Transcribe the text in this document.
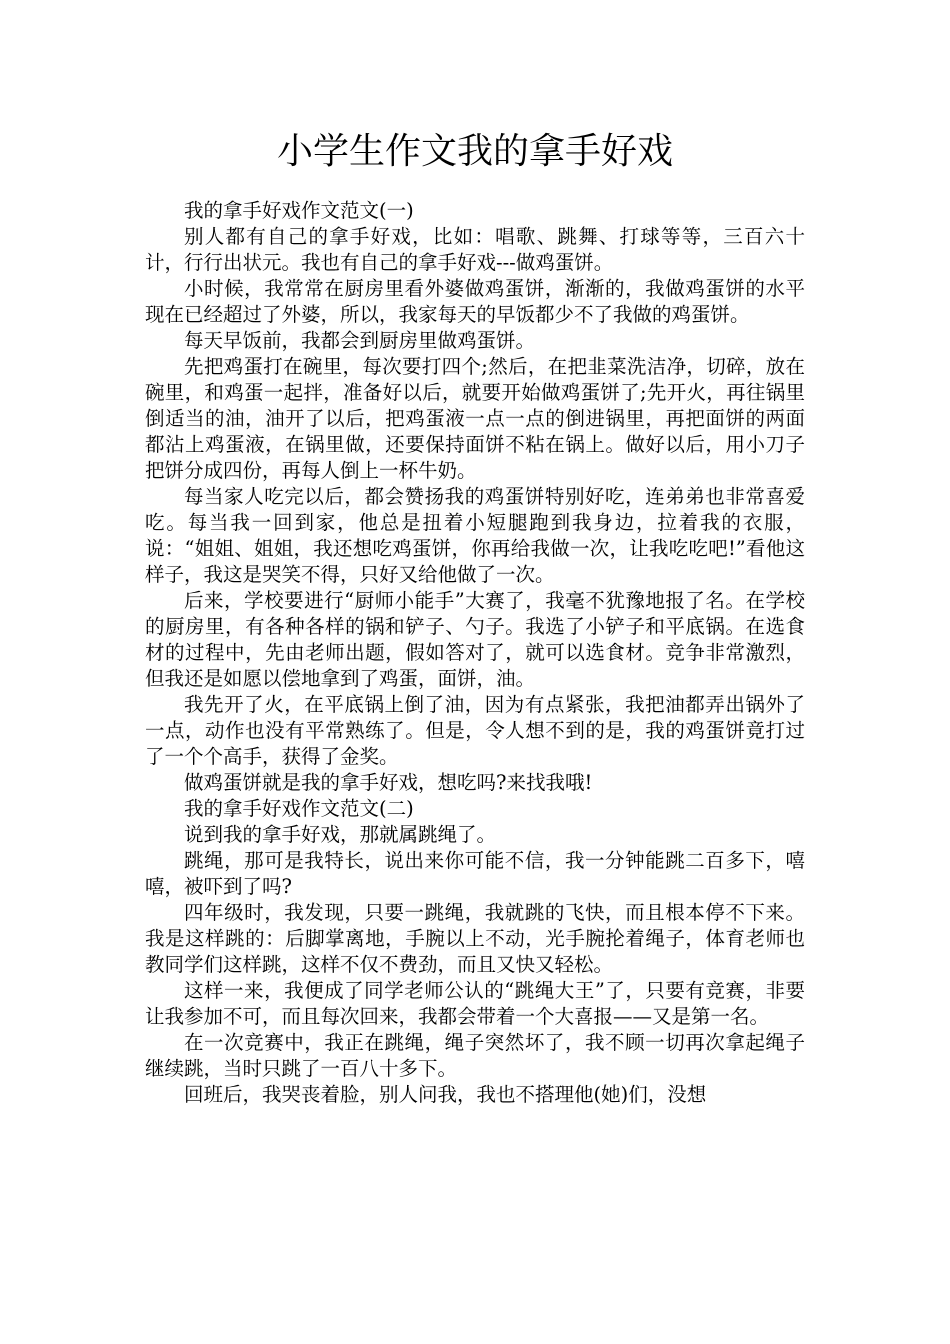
小学生作文我的拿手好戏

我的拿手好戏作文范文(一)

别人都有自己的拿手好戏，比如：唱歌、跳舞、打球等等，三百六十计，行行出状元。我也有自己的拿手好戏---做鸡蛋饼。

小时候，我常常在厨房里看外婆做鸡蛋饼，渐渐的，我做鸡蛋饼的水平现在已经超过了外婆，所以，我家每天的早饭都少不了我做的鸡蛋饼。

每天早饭前，我都会到厨房里做鸡蛋饼。

先把鸡蛋打在碗里，每次要打四个;然后，在把韭菜洗洁净，切碎，放在碗里，和鸡蛋一起拌，准备好以后，就要开始做鸡蛋饼了;先开火，再往锅里倒适当的油，油开了以后，把鸡蛋液一点一点的倒进锅里，再把面饼的两面都沾上鸡蛋液，在锅里做，还要保持面饼不粘在锅上。做好以后，用小刀子把饼分成四份，再每人倒上一杯牛奶。

每当家人吃完以后，都会赞扬我的鸡蛋饼特别好吃，连弟弟也非常喜爱吃。每当我一回到家，他总是扭着小短腿跑到我身边，拉着我的衣服，说：“姐姐、姐姐，我还想吃鸡蛋饼，你再给我做一次，让我吃吃吧!”看他这样子，我这是哭笑不得，只好又给他做了一次。

后来，学校要进行“厨师小能手”大赛了，我毫不犹豫地报了名。在学校的厨房里，有各种各样的锅和铲子、勺子。我选了小铲子和平底锅。在选食材的过程中，先由老师出题，假如答对了，就可以选食材。竞争非常激烈，但我还是如愿以偿地拿到了鸡蛋，面饼，油。

我先开了火，在平底锅上倒了油，因为有点紧张，我把油都弄出锅外了一点，动作也没有平常熟练了。但是，令人想不到的是，我的鸡蛋饼竟打过了一个个高手，获得了金奖。

做鸡蛋饼就是我的拿手好戏，想吃吗?来找我哦!

我的拿手好戏作文范文(二)

说到我的拿手好戏，那就属跳绳了。

跳绳，那可是我特长，说出来你可能不信，我一分钟能跳二百多下，嘻嘻，被吓到了吗?

四年级时，我发现，只要一跳绳，我就跳的飞快，而且根本停不下来。我是这样跳的：后脚掌离地，手腕以上不动，光手腕抡着绳子，体育老师也教同学们这样跳，这样不仅不费劲，而且又快又轻松。

这样一来，我便成了同学老师公认的“跳绳大王”了，只要有竞赛，非要让我参加不可，而且每次回来，我都会带着一个大喜报——又是第一名。

在一次竞赛中，我正在跳绳，绳子突然坏了，我不顾一切再次拿起绳子继续跳，当时只跳了一百八十多下。

回班后，我哭丧着脸，别人问我，我也不搭理他(她)们，没想
